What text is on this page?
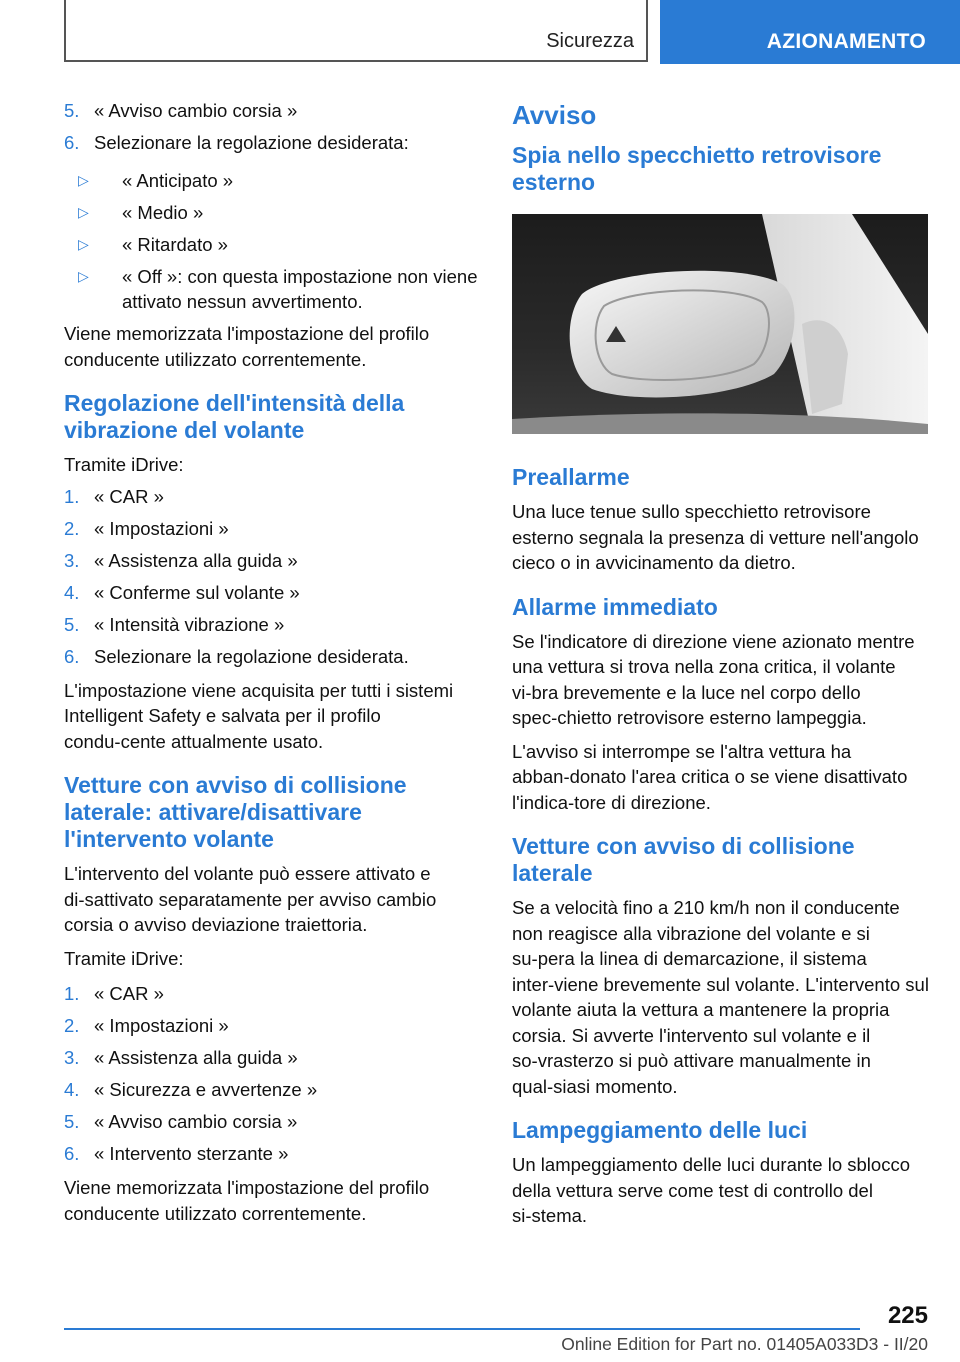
Sicurezza	AZIONAMENTO
5. « Avviso cambio corsia »
6. Selezionare la regolazione desiderata:
▷ « Anticipato »
▷ « Medio »
▷ « Ritardato »
▷ « Off »: con questa impostazione non viene attivato nessun avvertimento.

Viene memorizzata l'impostazione del profilo conducente utilizzato correntemente.

Regolazione dell'intensità della vibrazione del volante

Tramite iDrive:

1. « CAR »
2. « Impostazioni »
3. « Assistenza alla guida »
4. « Conferme sul volante »
5. « Intensità vibrazione »
6. Selezionare la regolazione desiderata.

L'impostazione viene acquisita per tutti i sistemi Intelligent Safety e salvata per il profilo condu‑cente attualmente usato.

Vetture con avviso di collisione laterale: attivare/disattivare l'intervento volante

L'intervento del volante può essere attivato e di‑sattivato separatamente per avviso cambio corsia o avviso deviazione traiettoria.

Tramite iDrive:

1. « CAR »
2. « Impostazioni »
3. « Assistenza alla guida »
4. « Sicurezza e avvertenze »
5. « Avviso cambio corsia »
6. « Intervento sterzante »

Viene memorizzata l'impostazione del profilo conducente utilizzato correntemente.

Avviso
Spia nello specchietto retrovisore esterno
Preallarme

Una luce tenue sullo specchietto retrovisore esterno segnala la presenza di vetture nell'angolo cieco o in avvicinamento da dietro.

Allarme immediato

Se l'indicatore di direzione viene azionato mentre una vettura si trova nella zona critica, il volante vi‑bra brevemente e la luce nel corpo dello spec‑chietto retrovisore esterno lampeggia.

L'avviso si interrompe se l'altra vettura ha abban‑donato l'area critica o se viene disattivato l'indica‑tore di direzione.

Vetture con avviso di collisione laterale

Se a velocità fino a 210 km/h non il conducente non reagisce alla vibrazione del volante e si su‑pera la linea di demarcazione, il sistema inter‑viene brevemente sul volante. L'intervento sul volante aiuta la vettura a mantenere la propria corsia. Si avverte l'intervento sul volante e il so‑vrasterzo si può attivare manualmente in qual‑siasi momento.

Lampeggiamento delle luci

Un lampeggiamento delle luci durante lo sblocco della vettura serve come test di controllo del si‑stema.

225
Online Edition for Part no. 01405A033D3 - II/20
